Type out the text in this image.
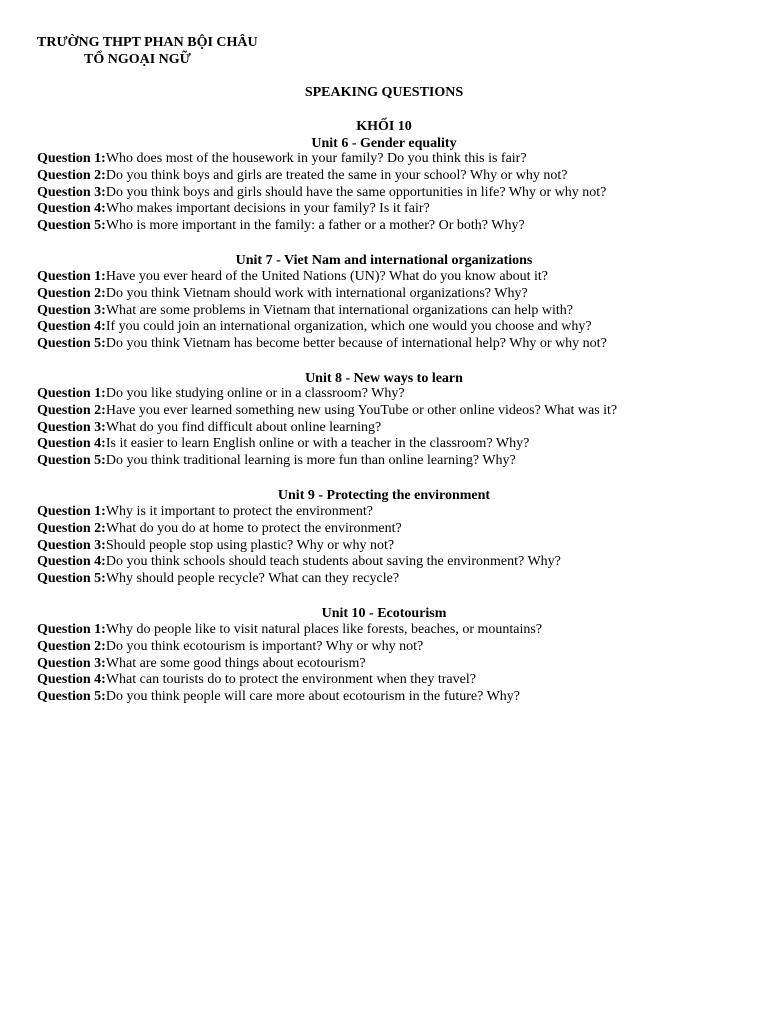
TRƯỜNG THPT PHAN BỘI CHÂU
TỔ NGOẠI NGỮ
SPEAKING QUESTIONS
KHỐI 10
Unit 6 - Gender equality
Question 1:Who does most of the housework in your family? Do you think this is fair?
Question 2:Do you think boys and girls are treated the same in your school? Why or why not?
Question 3:Do you think boys and girls should have the same opportunities in life? Why or why not?
Question 4:Who makes important decisions in your family? Is it fair?
Question 5:Who is more important in the family: a father or a mother? Or both? Why?
Unit 7 - Viet Nam and international organizations
Question 1:Have you ever heard of the United Nations (UN)? What do you know about it?
Question 2:Do you think Vietnam should work with international organizations? Why?
Question 3:What are some problems in Vietnam that international organizations can help with?
Question 4:If you could join an international organization, which one would you choose and why?
Question 5:Do you think Vietnam has become better because of international help? Why or why not?
Unit 8 - New ways to learn
Question 1:Do you like studying online or in a classroom? Why?
Question 2:Have you ever learned something new using YouTube or other online videos? What was it?
Question 3:What do you find difficult about online learning?
Question 4:Is it easier to learn English online or with a teacher in the classroom? Why?
Question 5:Do you think traditional learning is more fun than online learning? Why?
Unit 9 - Protecting the environment
Question 1:Why is it important to protect the environment?
Question 2:What do you do at home to protect the environment?
Question 3:Should people stop using plastic? Why or why not?
Question 4:Do you think schools should teach students about saving the environment? Why?
Question 5:Why should people recycle? What can they recycle?
Unit 10 - Ecotourism
Question 1:Why do people like to visit natural places like forests, beaches, or mountains?
Question 2:Do you think ecotourism is important? Why or why not?
Question 3:What are some good things about ecotourism?
Question 4:What can tourists do to protect the environment when they travel?
Question 5:Do you think people will care more about ecotourism in the future? Why?
